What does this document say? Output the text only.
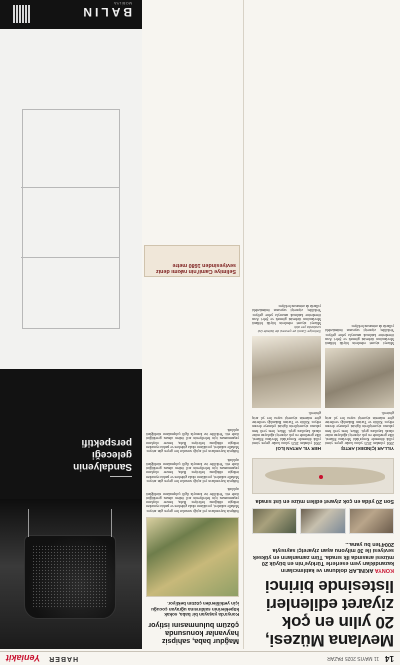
14
11 MAYIS 2025 PAZAR
HABER
Yeniakit
Mevlana Müzesi, 20 yılın en çok ziyaret edilenleri listesinde birinci
KONYA AKINLAR dolduran ve katılımcıların kazandıkları yem eserlerle Türkiye'nin en büyük 20 müzesi arasında ilk sırada. Tüm zamanların en yüksek seviyesi ile 30 milyonu aşan ziyaretçi sayısıyla 2004'ten bu yana...
Son 20 yılda en çok ziyaret edilen müze en üst sırada
YILLAR İÇİNDEKİ ARTIŞ

2004 yılından 2025 yılına kadar geçen yirmi yıllık dönemde Konya'daki Mevlana Müzesi, ülke genelinde en çok ziyaretçi ağırlayan müze olarak kayıtlara geçti. Müze, hem yerli hem yabancı ziyaretçilerin ilgisini çekmeye devam ediyor. Kültür ve Turizm Bakanlığı verilerine göre müzenin ziyaretçi sayısı her yıl artış gösterdi.

Müzeyi ziyaret edenlerin büyük bölümü Mevlana'nın türbesini görmek ve Şeb-i Arus törenlerine katılmak amacıyla şehre geliyor. Yetkililer, ziyaretçi sayısının önümüzdeki yıllarda da artmasını bekliyor.

HER YIL ARTAN İLGİ

2004 yılından 2025 yılına kadar geçen yirmi yıllık dönemde Konya'daki Mevlana Müzesi, ülke genelinde en çok ziyaretçi ağırlayan müze olarak kayıtlara geçti. Müze, hem yerli hem yabancı ziyaretçilerin ilgisini çekmeye devam ediyor. Kültür ve Turizm Bakanlığı verilerine göre müzenin ziyaretçi sayısı her yıl artış gösterdi.

Selimiye Camii ve çevresi de listede üst sıralarda yer aldı

Müzeyi ziyaret edenlerin büyük bölümü Mevlana'nın türbesini görmek ve Şeb-i Arus törenlerine katılmak amacıyla şehre geliyor. Yetkililer, ziyaretçi sayısının önümüzdeki yıllarda da artmasını bekliyor.

Mağdur baba, sahipsiz hayvanlar konusunda çözüm bulunmasını istiyor

Konya'da yaşayan bir baba, sokak köpeklerinin saldırısına uğrayan çocuğu için yetkililerden çözüm bekliyor.

Sahipsiz hayvanların yol açtığı sorunlar her geçen gün artıyor. Mahalle sakinleri, çocukların okula giderken ve parkta oynarken tedirgin olduğunu belirtiyor. Baba, benzer olayların yaşanmaması için belediyenin acil önlem alması gerektiğini ifade etti. Yetkililer ise konuyla ilgili çalışmaların sürdüğünü açıkladı.

Sahipsiz hayvanların yol açtığı sorunlar her geçen gün artıyor. Mahalle sakinleri, çocukların okula giderken ve parkta oynarken tedirgin olduğunu belirtiyor. Baba, benzer olayların yaşanmaması için belediyenin acil önlem alması gerektiğini ifade etti. Yetkililer ise konuyla ilgili çalışmaların sürdüğünü açıkladı.

Sahipsiz hayvanların yol açtığı sorunlar her geçen gün artıyor. Mahalle sakinleri, çocukların okula giderken ve parkta oynarken tedirgin olduğunu belirtiyor. Baba, benzer olayların yaşanmaması için belediyenin acil önlem alması gerektiğini ifade etti. Yetkililer ise konuyla ilgili çalışmaların sürdüğünü açıkladı.

Selimiye Camii'nin rakımı deniz seviyesinden 1680 metre
Sandalyenin
geleceği
perspektifi
BALIN
MOBİLYA
